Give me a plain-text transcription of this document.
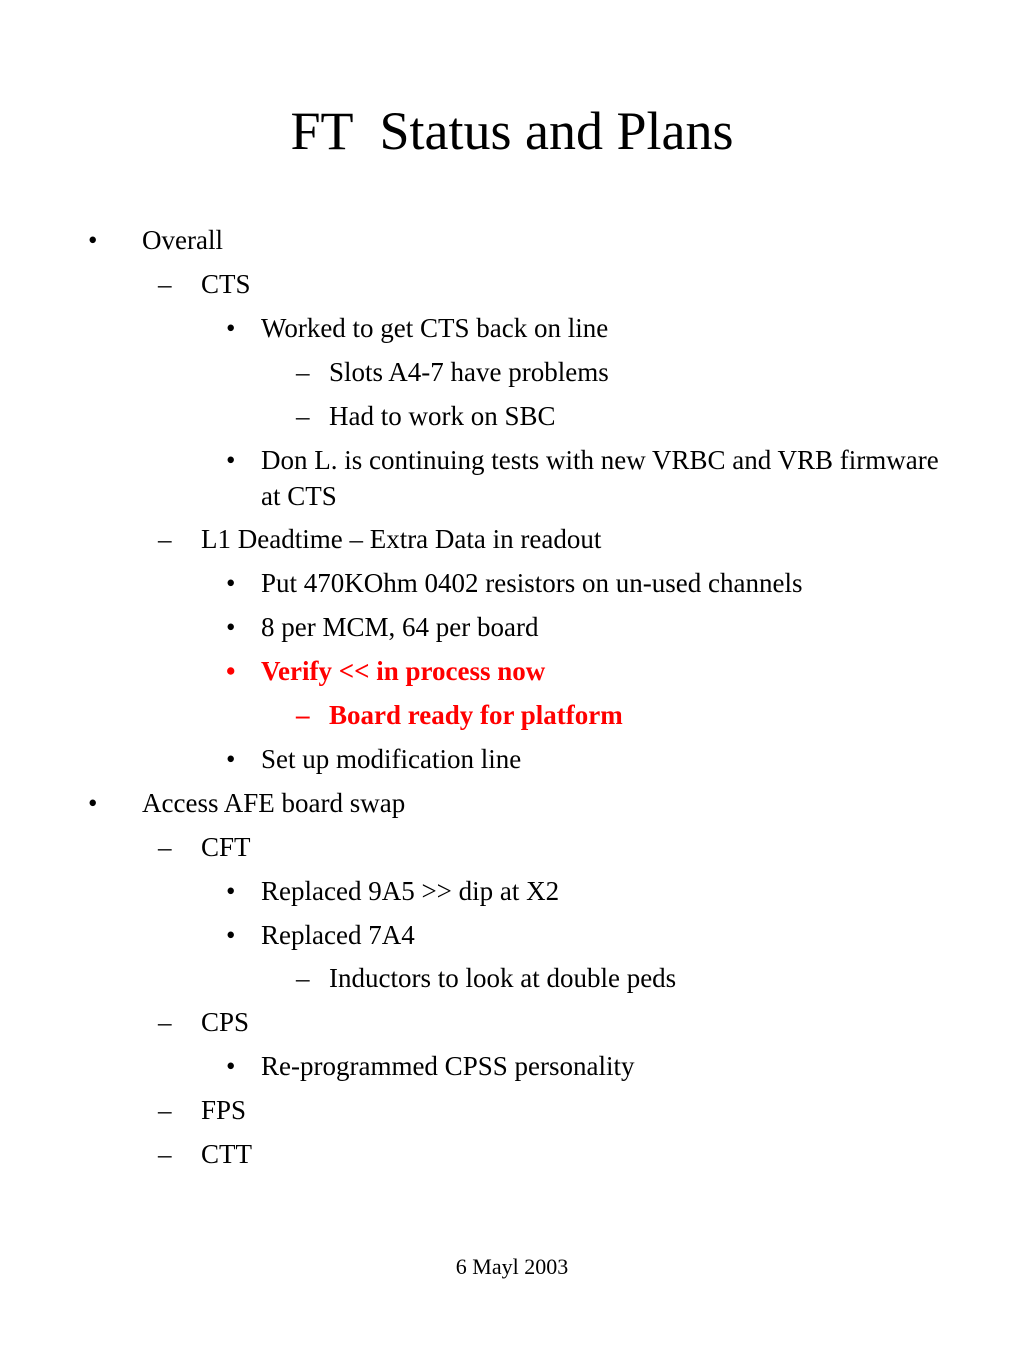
FT  Status and Plans
• Overall
– CTS
• Worked to get CTS back on line
– Slots A4-7 have problems
– Had to work on SBC
• Don L. is continuing tests with new VRBC and VRB firmware at CTS
– L1 Deadtime – Extra Data in readout
• Put 470KOhm 0402 resistors on un-used channels
• 8 per MCM, 64 per board
• Verify << in process now
– Board ready for platform
• Set up modification line
• Access AFE board swap
– CFT
• Replaced 9A5 >> dip at X2
• Replaced 7A4
– Inductors to look at double peds
– CPS
• Re-programmed CPSS personality
– FPS
– CTT
6 Mayl 2003
